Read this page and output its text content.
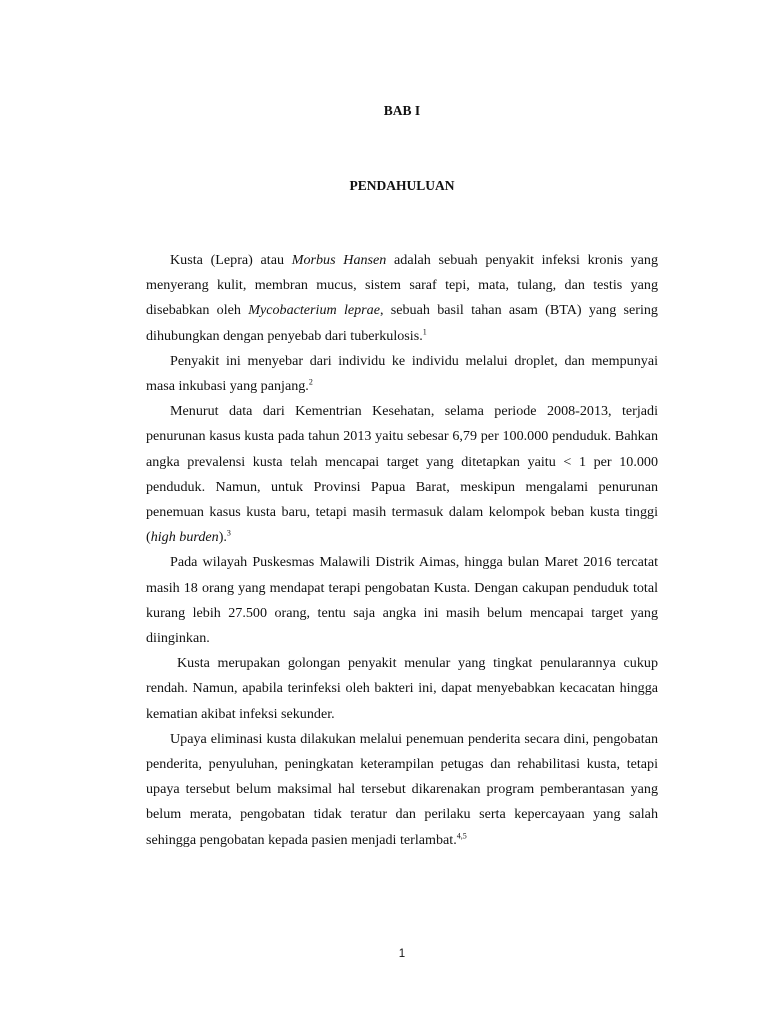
BAB I
PENDAHULUAN

Kusta (Lepra) atau Morbus Hansen adalah sebuah penyakit infeksi kronis yang menyerang kulit, membran mucus, sistem saraf tepi, mata, tulang, dan testis yang disebabkan oleh Mycobacterium leprae, sebuah basil tahan asam (BTA) yang sering dihubungkan dengan penyebab dari tuberkulosis.$^1$

Penyakit ini menyebar dari individu ke individu melalui droplet, dan mempunyai masa inkubasi yang panjang.$^2$

Menurut data dari Kementrian Kesehatan, selama periode 2008-2013, terjadi penurunan kasus kusta pada tahun 2013 yaitu sebesar 6,79 per 100.000 penduduk. Bahkan angka prevalensi kusta telah mencapai target yang ditetapkan yaitu < 1 per 10.000 penduduk. Namun, untuk Provinsi Papua Barat, meskipun mengalami penurunan penemuan kasus kusta baru, tetapi masih termasuk dalam kelompok beban kusta tinggi (high burden).$^3$

Pada wilayah Puskesmas Malawili Distrik Aimas, hingga bulan Maret 2016 tercatat masih 18 orang yang mendapat terapi pengobatan Kusta. Dengan cakupan penduduk total kurang lebih 27.500 orang, tentu saja angka ini masih belum mencapai target yang diinginkan.

Kusta merupakan golongan penyakit menular yang tingkat penularannya cukup rendah. Namun, apabila terinfeksi oleh bakteri ini, dapat menyebabkan kecacatan hingga kematian akibat infeksi sekunder.

Upaya eliminasi kusta dilakukan melalui penemuan penderita secara dini, pengobatan penderita, penyuluhan, peningkatan keterampilan petugas dan rehabilitasi kusta, tetapi upaya tersebut belum maksimal hal tersebut dikarenakan program pemberantasan yang belum merata, pengobatan tidak teratur dan perilaku serta kepercayaan yang salah sehingga pengobatan kepada pasien menjadi terlambat.$^{4,5}$

1
